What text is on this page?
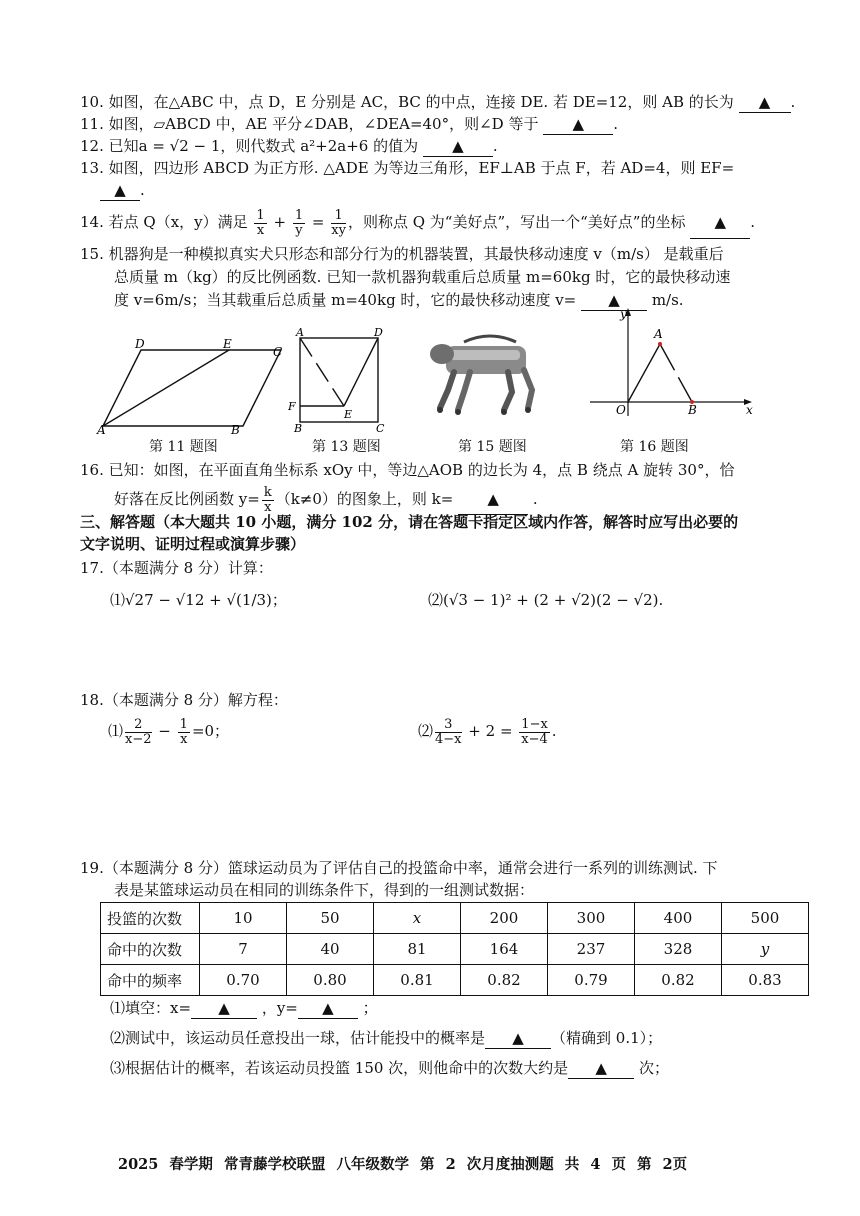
10. 如图，在△ABC 中，点 D，E 分别是 AC，BC 的中点，连接 DE. 若 DE=12，则 AB 的长为 ▲ .
11. 如图，▱ABCD 中，AE 平分∠DAB，∠DEA=40°，则∠D 等于 ▲ .
12. 已知a = √2 − 1，则代数式 a²+2a+6 的值为 ▲ .
13. 如图，四边形 ABCD 为正方形. △ADE 为等边三角形，EF⊥AB 于点 F，若 AD=4，则 EF=
▲ .
14. 若点 Q（x，y）满足 $\frac{1}{x} + \frac{1}{y} = \frac{1}{xy}$ ，则称点 Q 为“美好点”，写出一个“美好点”的坐标 ▲ .
15. 机器狗是一种模拟真实犬只形态和部分行为的机器装置，其最快移动速度 v（m/s） 是载重后
总质量 m（kg）的反比例函数. 已知一款机器狗载重后总质量 m=60kg 时，它的最快移动速
度 v=6m/s；当其载重后总质量 m=40kg 时，它的最快移动速度 v= ▲ m/s.
D	E
C
A	B
第 11 题图
A	D
F
E
B	C
第 13 题图	第 15 题图
y
A
O	B	x
第 16 题图
16. 已知：如图，在平面直角坐标系 xOy 中，等边△AOB 的边长为 4，点 B 绕点 A 旋转 30°，恰
好落在反比例函数 $y= \frac{k}{x} (k\ne 0)$的图象上，则 k= ▲ .
三、解答题（本大题共 10 小题，满分 102 分，请在答题卡指定区域内作答，解答时应写出必要的
文字说明、证明过程或演算步骤）
17.（本题满分 8 分）计算：
⑴√27 − √12 + √(1/3)；	⑵(√3 − 1)² + (2 + √2)(2 − √2).
18.（本题满分 8 分）解方程：
⑴ $\frac{2}{x-2} - \frac{1}{x} =0$；	⑵ $\frac{3}{4-x} + 2 = \frac{1-x}{x-4}$ .
19.（本题满分 8 分）篮球运动员为了评估自己的投篮命中率，通常会进行一系列的训练测试. 下
表是某篮球运动员在相同的训练条件下，得到的一组测试数据：
投篮的次数	10	50	x	200	300	400	500
命中的次数	7	40	81	164	237	328	y
命中的频率	0.70	0.80	0.81	0.82	0.79	0.82	0.83
⑴填空：x= ▲ ，y= ▲ ；
⑵测试中，该运动员任意投出一球，估计能投中的概率是 ▲ （精确到 0.1）；
⑶根据估计的概率，若该运动员投篮 150 次，则他命中的次数大约是 ▲ 次；
2025 春学期 常青藤学校联盟 八年级数学 第 2 次月度抽测题 共 4 页 第 2页
